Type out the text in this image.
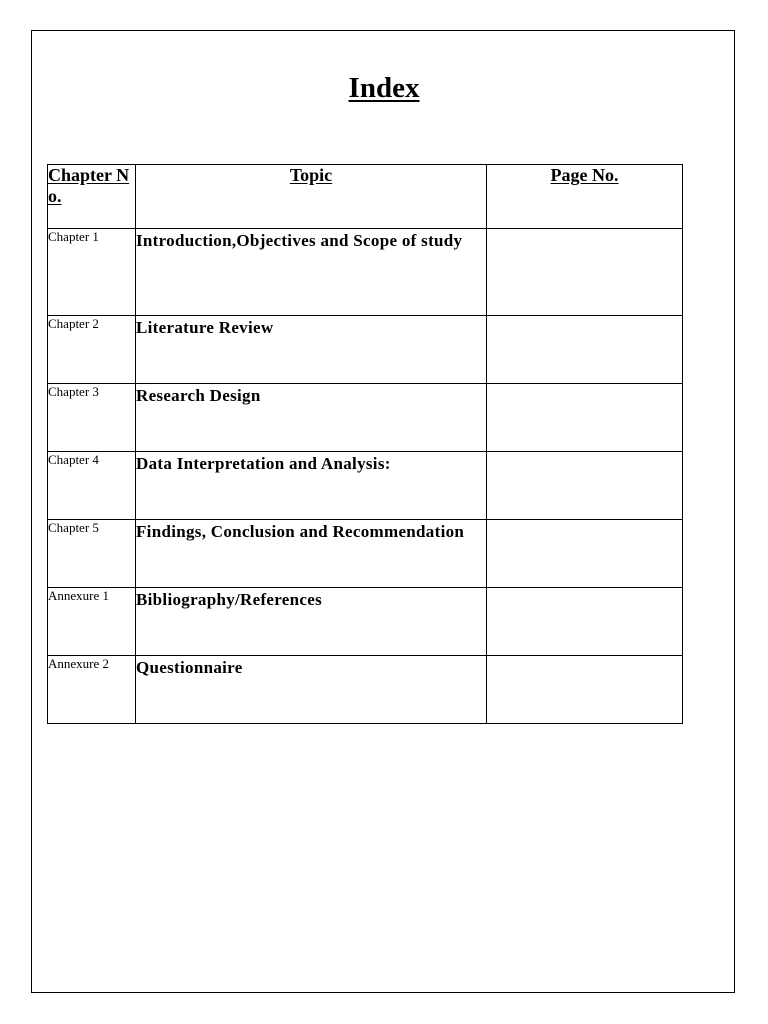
Index
Chapter No.	Topic	Page No.
Chapter 1	Introduction,Objectives and Scope of study	
Chapter 2	Literature Review	
Chapter 3	Research Design	
Chapter 4	Data Interpretation and Analysis:	
Chapter 5	Findings, Conclusion and Recommendation	
Annexure 1	Bibliography/References	
Annexure 2	Questionnaire	
